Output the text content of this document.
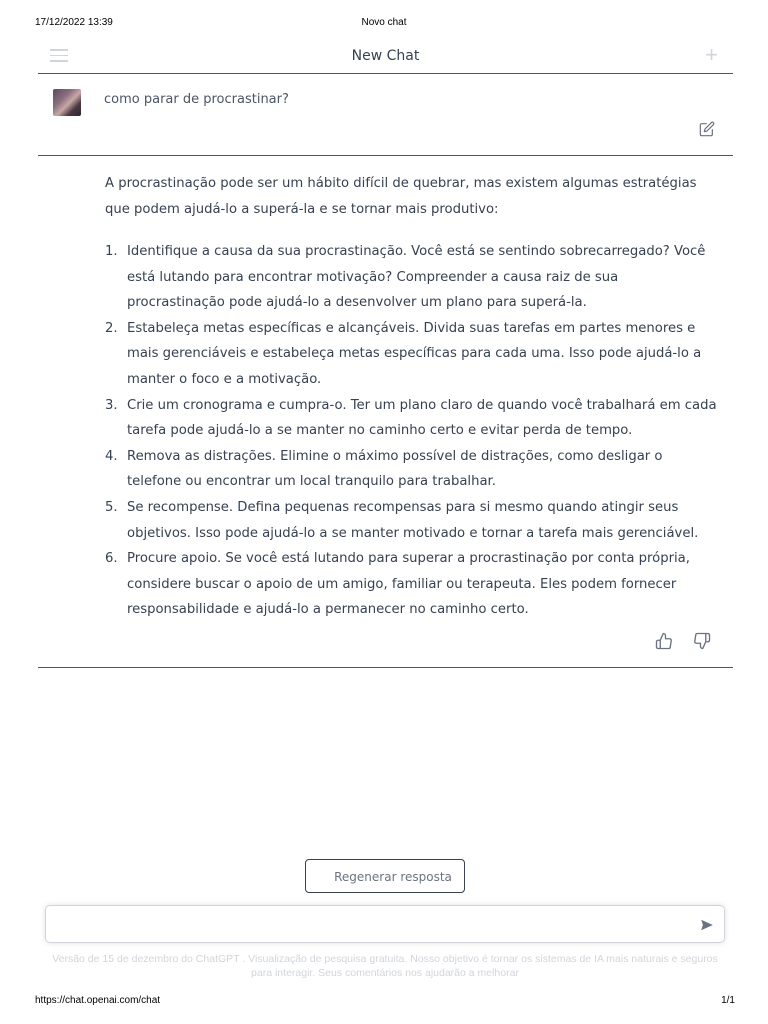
17/12/2022 13:39	Novo chat
New Chat	+
como parar de procrastinar?

A procrastinação pode ser um hábito difícil de quebrar, mas existem algumas estratégias que podem ajudá-lo a superá-la e se tornar mais produtivo:

1. Identifique a causa da sua procrastinação. Você está se sentindo sobrecarregado? Você está lutando para encontrar motivação? Compreender a causa raiz de sua procrastinação pode ajudá-lo a desenvolver um plano para superá-la.
2. Estabeleça metas específicas e alcançáveis. Divida suas tarefas em partes menores e mais gerenciáveis e estabeleça metas específicas para cada uma. Isso pode ajudá-lo a manter o foco e a motivação.
3. Crie um cronograma e cumpra-o. Ter um plano claro de quando você trabalhará em cada tarefa pode ajudá-lo a se manter no caminho certo e evitar perda de tempo.
4. Remova as distrações. Elimine o máximo possível de distrações, como desligar o telefone ou encontrar um local tranquilo para trabalhar.
5. Se recompense. Defina pequenas recompensas para si mesmo quando atingir seus objetivos. Isso pode ajudá-lo a se manter motivado e tornar a tarefa mais gerenciável.
6. Procure apoio. Se você está lutando para superar a procrastinação por conta própria, considere buscar o apoio de um amigo, familiar ou terapeuta. Eles podem fornecer responsabilidade e ajudá-lo a permanecer no caminho certo.
Regenerar resposta
Versão de 15 de dezembro do ChatGPT . Visualização de pesquisa gratuita. Nosso objetivo é tornar os sistemas de IA mais naturais e seguros para interagir. Seus comentários nos ajudarão a melhorar
https://chat.openai.com/chat	1/1
